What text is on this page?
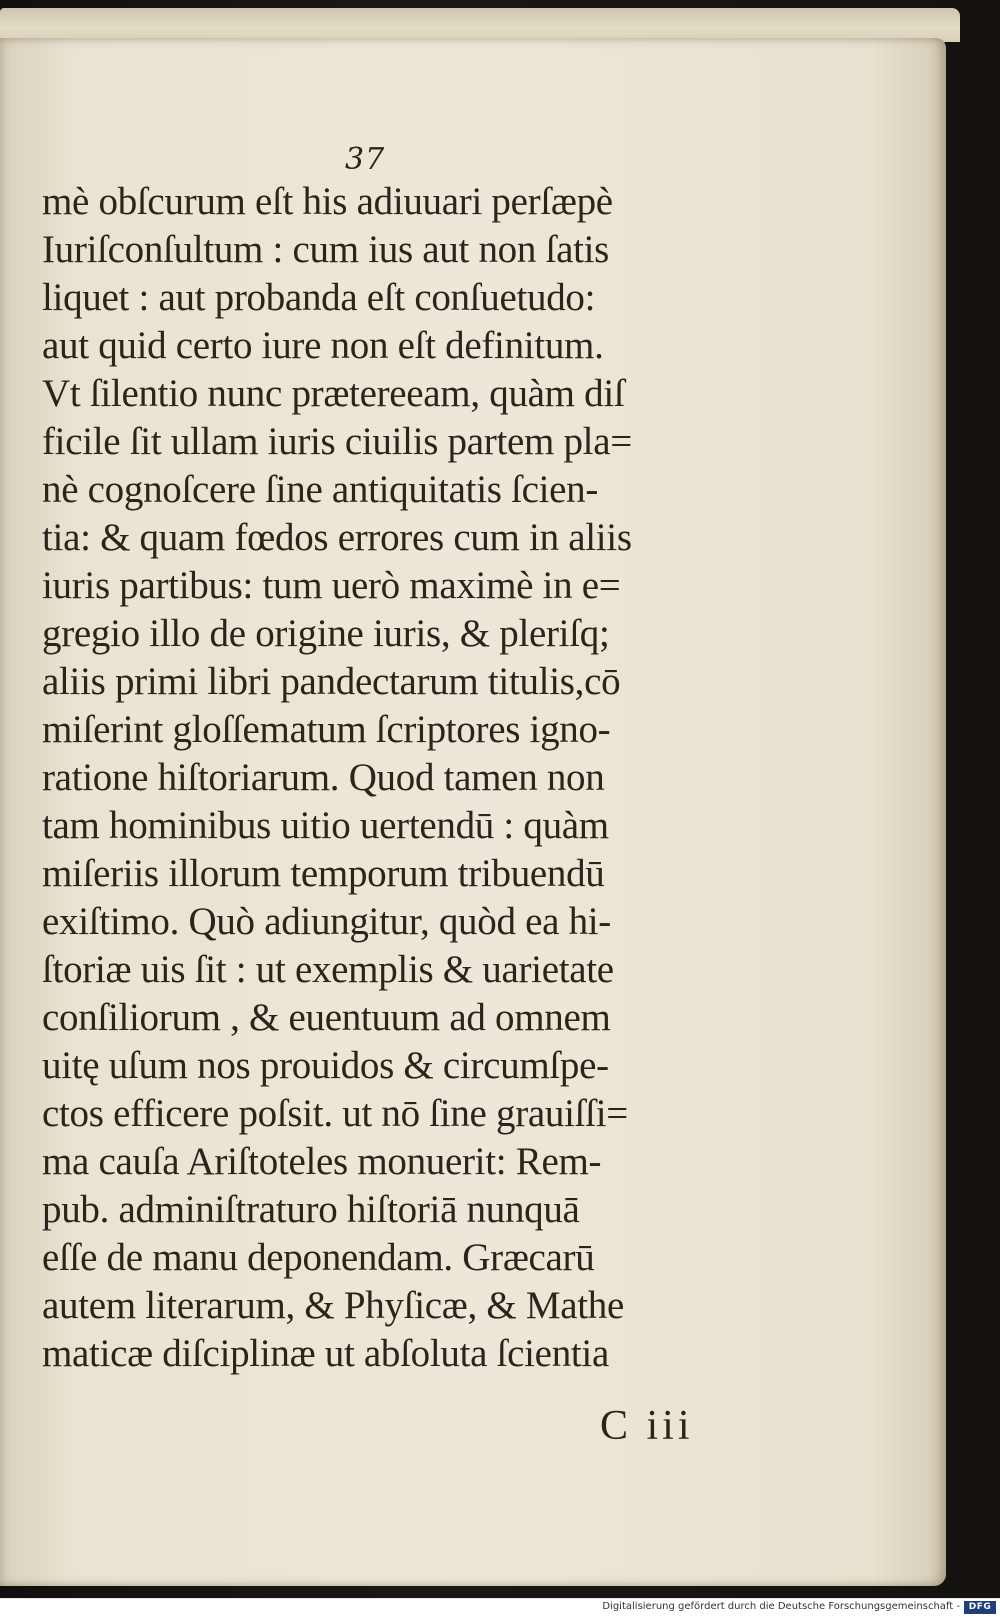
37
mè obſcurum eſt his adiuuari perſæpè
Iuriſconſultum : cum ius aut non ſatis
liquet : aut probanda eſt conſuetudo:
aut quid certo iure non eſt definitum.
Vt ſilentio nunc prætereeam, quàm diſ
ficile ſit ullam iuris ciuilis partem pla=
nè cognoſcere ſine antiquitatis ſcien-
tia: & quam fœdos errores cum in aliis
iuris partibus: tum uerò maximè in e=
gregio illo de origine iuris, & pleriſq;
aliis primi libri pandectarum titulis,cō
miſerint gloſſematum ſcriptores igno-
ratione hiſtoriarum. Quod tamen non
tam hominibus uitio uertendū : quàm
miſeriis illorum temporum tribuendū
exiſtimo. Quò adiungitur, quòd ea hi-
ſtoriæ uis ſit : ut exemplis & uarietate
conſiliorum , & euentuum ad omnem
uitę uſum nos prouidos & circumſpe-
ctos efficere poſsit. ut nō ſine grauiſſi=
ma cauſa Ariſtoteles monuerit: Rem-
pub. adminiſtraturo hiſtoriā nunquā
eſſe de manu deponendam. Græcarū
autem literarum, & Phyſicæ, & Mathe
maticæ diſciplinæ ut abſoluta ſcientia
C iii
Digitalisierung gefördert durch die Deutsche Forschungsgemeinschaft - DFG
